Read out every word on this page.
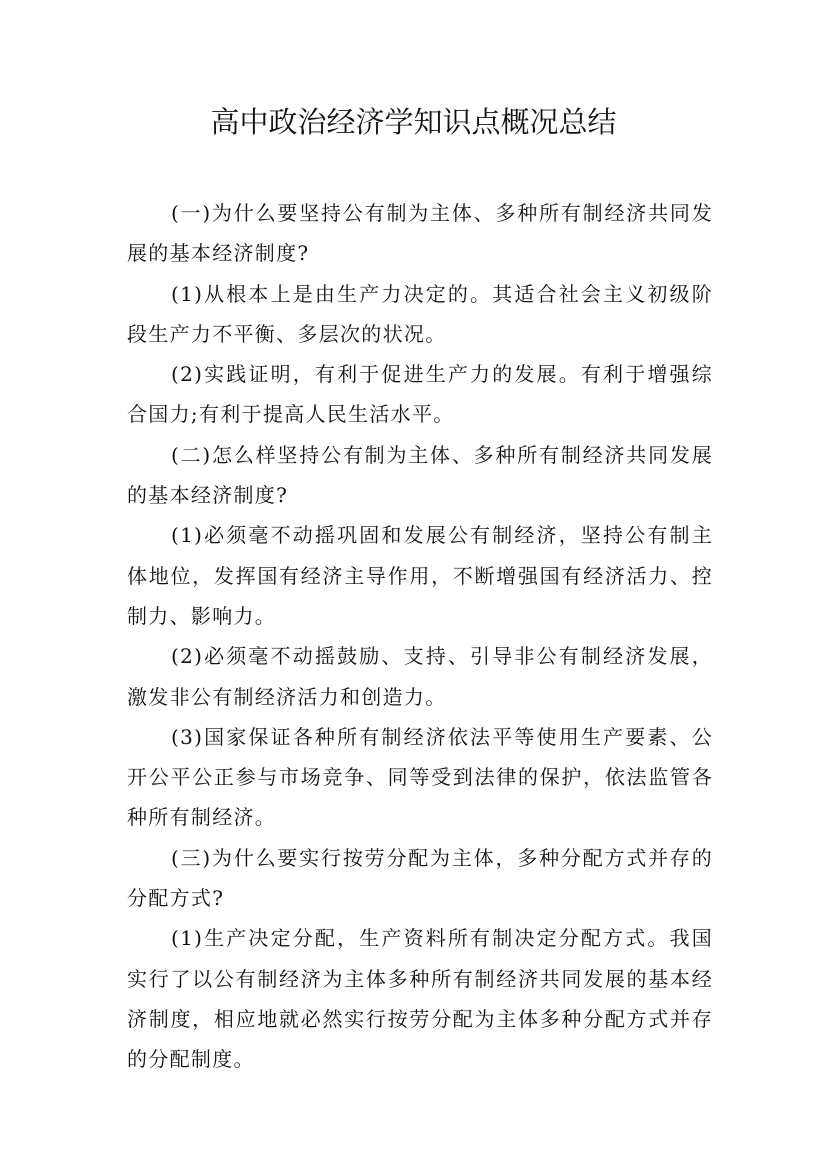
高中政治经济学知识点概况总结

(一)为什么要坚持公有制为主体、多种所有制经济共同发展的基本经济制度?

(1)从根本上是由生产力决定的。其适合社会主义初级阶段生产力不平衡、多层次的状况。

(2)实践证明，有利于促进生产力的发展。有利于增强综合国力;有利于提高人民生活水平。

(二)怎么样坚持公有制为主体、多种所有制经济共同发展的基本经济制度?

(1)必须毫不动摇巩固和发展公有制经济，坚持公有制主体地位，发挥国有经济主导作用，不断增强国有经济活力、控制力、影响力。

(2)必须毫不动摇鼓励、支持、引导非公有制经济发展，激发非公有制经济活力和创造力。

(3)国家保证各种所有制经济依法平等使用生产要素、公开公平公正参与市场竞争、同等受到法律的保护，依法监管各种所有制经济。

(三)为什么要实行按劳分配为主体，多种分配方式并存的分配方式?

(1)生产决定分配，生产资料所有制决定分配方式。我国实行了以公有制经济为主体多种所有制经济共同发展的基本经济制度，相应地就必然实行按劳分配为主体多种分配方式并存的分配制度。
